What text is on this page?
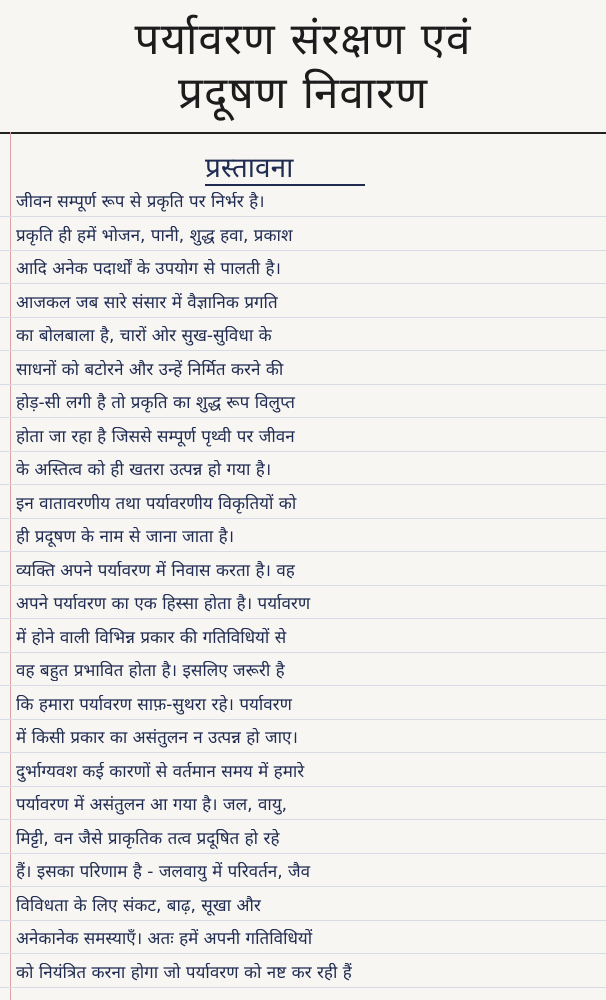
पर्यावरण संरक्षण एवं
प्रदूषण निवारण
प्रस्तावना
जीवन सम्पूर्ण रूप से प्रकृति पर निर्भर है।
प्रकृति ही हमें भोजन, पानी, शुद्ध हवा, प्रकाश
आदि अनेक पदार्थों के उपयोग से पालती है।
आजकल जब सारे संसार में वैज्ञानिक प्रगति
का बोलबाला है, चारों ओर सुख-सुविधा के
साधनों को बटोरने और उन्हें निर्मित करने की
होड़-सी लगी है तो प्रकृति का शुद्ध रूप विलुप्त
होता जा रहा है जिससे सम्पूर्ण पृथ्वी पर जीवन
के अस्तित्व को ही खतरा उत्पन्न हो गया है।
इन वातावरणीय तथा पर्यावरणीय विकृतियों को
ही प्रदूषण के नाम से जाना जाता है।
व्यक्ति अपने पर्यावरण में निवास करता है। वह
अपने पर्यावरण का एक हिस्सा होता है। पर्यावरण
में होने वाली विभिन्न प्रकार की गतिविधियों से
वह बहुत प्रभावित होता है। इसलिए जरूरी है
कि हमारा पर्यावरण साफ़-सुथरा रहे। पर्यावरण
में किसी प्रकार का असंतुलन न उत्पन्न हो जाए।
दुर्भाग्यवश कई कारणों से वर्तमान समय में हमारे
पर्यावरण में असंतुलन आ गया है। जल, वायु,
मिट्टी, वन जैसे प्राकृतिक तत्व प्रदूषित हो रहे
हैं। इसका परिणाम है - जलवायु में परिवर्तन, जैव
विविधता के लिए संकट, बाढ़, सूखा और
अनेकानेक समस्याएँ। अतः हमें अपनी गतिविधियों
को नियंत्रित करना होगा जो पर्यावरण को नष्ट कर रही हैं
